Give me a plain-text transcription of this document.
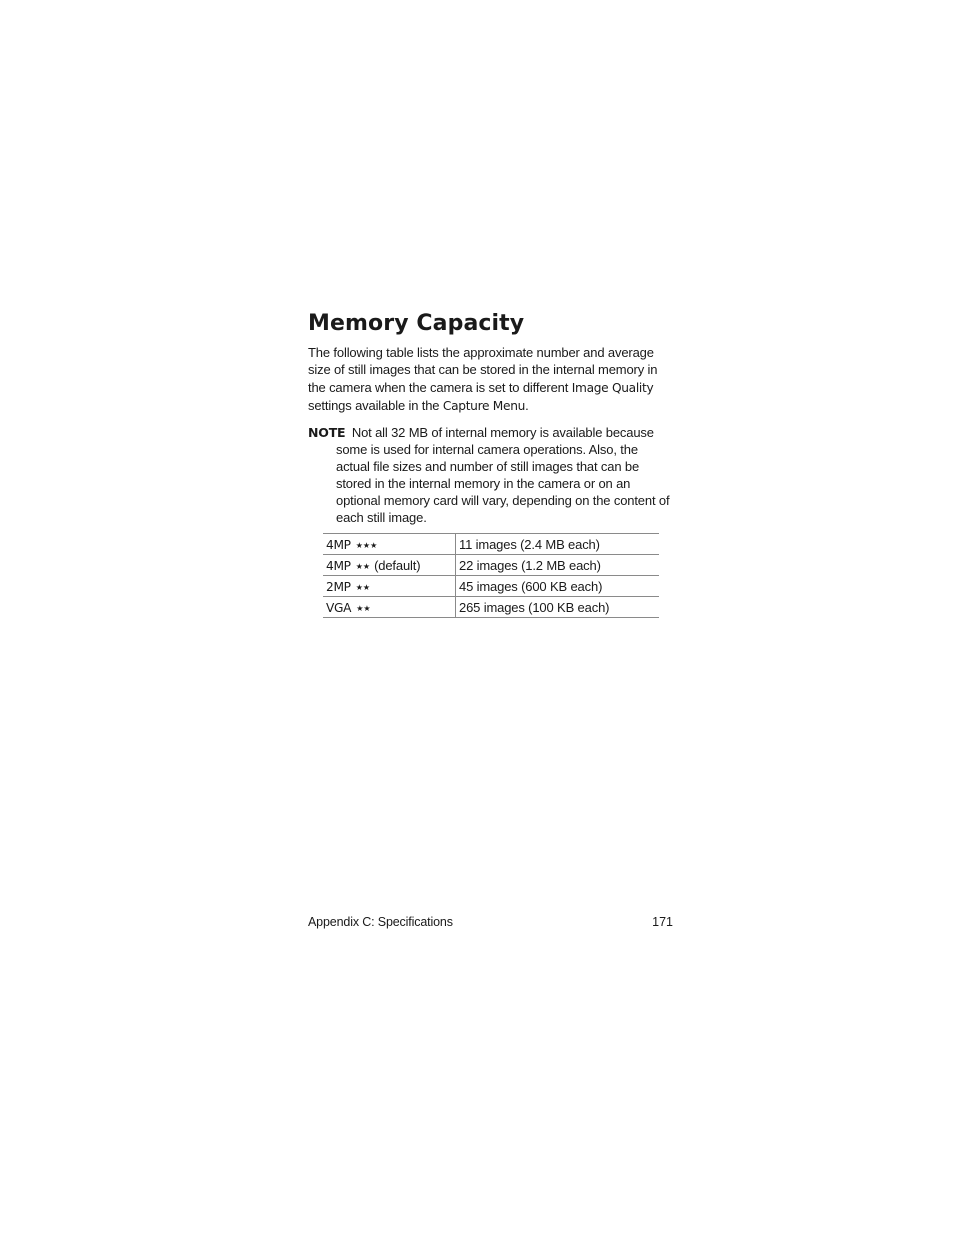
Memory Capacity

The following table lists the approximate number and average size of still images that can be stored in the internal memory in the camera when the camera is set to different Image Quality settings available in the Capture Menu.

NOTE Not all 32 MB of internal memory is available because some is used for internal camera operations. Also, the actual file sizes and number of still images that can be stored in the internal memory in the camera or on an optional memory card will vary, depending on the content of each still image.

4MP ★★★	11 images (2.4 MB each)
4MP ★★ (default)	22 images (1.2 MB each)
2MP ★★	45 images (600 KB each)
VGA ★★	265 images (100 KB each)
Appendix C: Specifications	171
